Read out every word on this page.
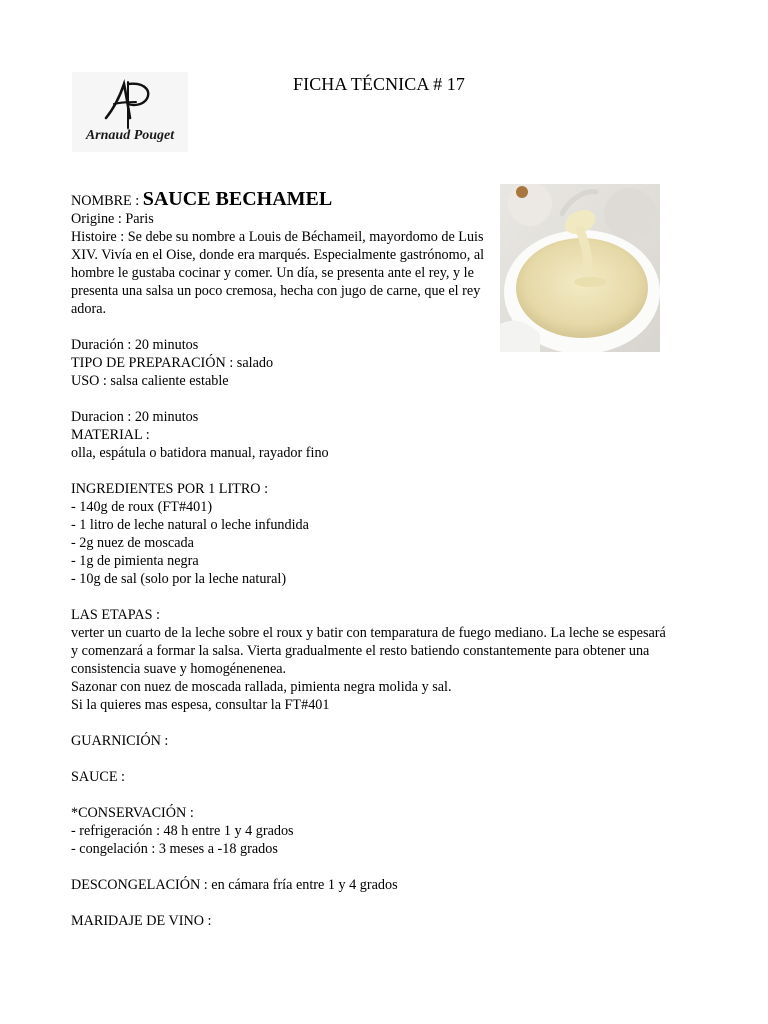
Arnaud Pouget
FICHA TÉCNICA # 17
NOMBRE : SAUCE BECHAMEL
Origine : Paris
Histoire : Se debe su nombre a Louis de Béchameil, mayordomo de Luis XIV. Vivía en el Oise, donde era marqués. Especialmente gastrónomo, al hombre le gustaba cocinar y comer. Un día, se presenta ante el rey, y le presenta una salsa un poco cremosa, hecha con jugo de carne, que el rey adora.
Duración : 20 minutos
TIPO DE PREPARACIÓN : salado
USO : salsa caliente estable
Duracion : 20 minutos
MATERIAL :
olla, espátula o batidora manual, rayador fino
INGREDIENTES POR 1 LITRO :
- 140g de roux (FT#401)
- 1 litro de leche natural o leche infundida
- 2g nuez de moscada
- 1g de pimienta negra
- 10g de sal (solo por la leche natural)
LAS ETAPAS :
verter un cuarto de la leche sobre el roux y batir con temparatura de fuego mediano. La leche se espesará y comenzará a formar la salsa. Vierta gradualmente el resto batiendo constantemente para obtener una consistencia suave y homogénenenea.
Sazonar con nuez de moscada rallada, pimienta negra molida y sal.
Si la quieres mas espesa, consultar la FT#401
GUARNICIÓN :
SAUCE :
*CONSERVACIÓN :
- refrigeración : 48 h entre 1 y 4 grados
- congelación : 3 meses a -18 grados
DESCONGELACIÓN : en cámara fría entre 1 y 4 grados
MARIDAJE DE VINO :
